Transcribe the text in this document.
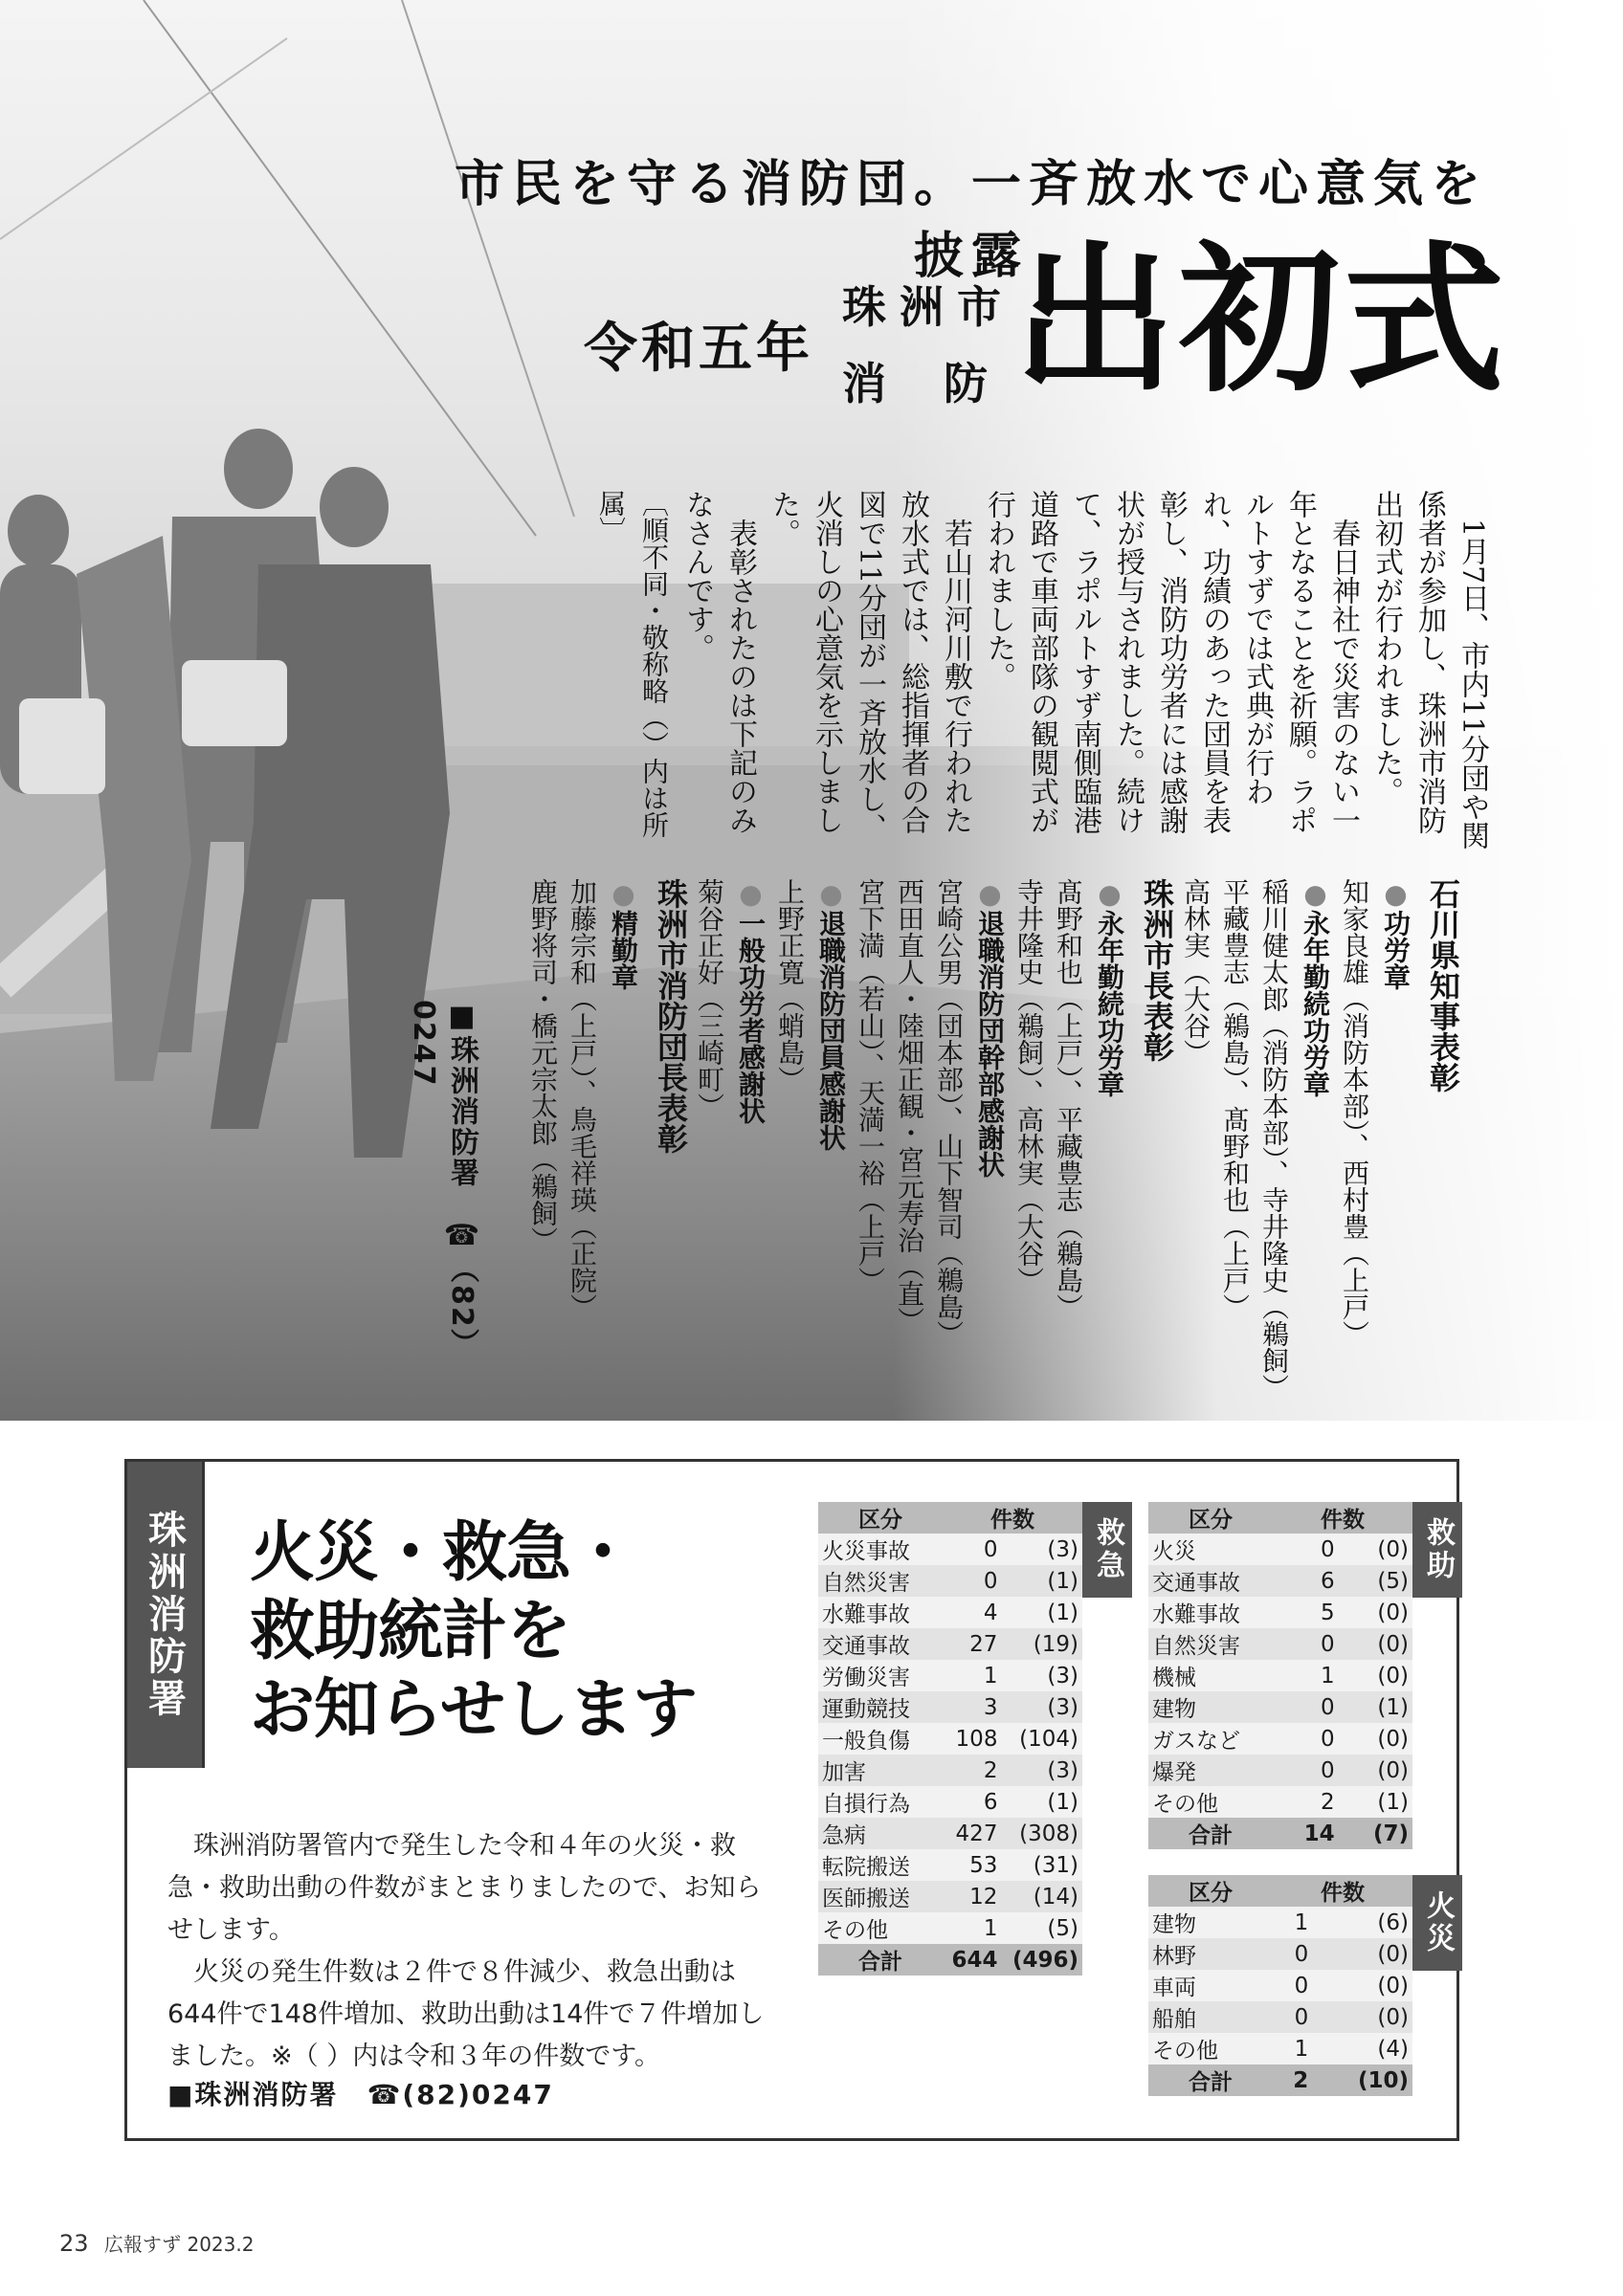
市民を守る消防団。一斉放水で心意気を披露
令和五年
珠洲市
消防
出初式

1月7日、市内11分団や関係者が参加し、珠洲市消防出初式が行われました。

春日神社で災害のない一年となることを祈願。ラポルトすずでは式典が行われ、功績のあった団員を表彰し、消防功労者には感謝状が授与されました。続けて、ラポルトすず南側臨港道路で車両部隊の観閲式が行われました。

若山川河川敷で行われた放水式では、総指揮者の合図で11分団が一斉放水し、火消しの心意気を示しました。

表彰されたのは下記のみなさんです。

〔順不同・敬称略（）内は所属〕
石川県知事表彰
● 功労章
知家良雄（消防本部）、西村豊（上戸）
● 永年勤続功労章
稲川健太郎（消防本部）、寺井隆史（鵜飼）
平藏豊志（鵜島）、髙野和也（上戸）
高林実（大谷）
珠洲市長表彰
● 永年勤続功労章
髙野和也（上戸）、平藏豊志（鵜島）
寺井隆史（鵜飼）、高林実（大谷）
● 退職消防団幹部感謝状
宮崎公男（団本部）、山下智司（鵜島）
西田直人・陸畑正観・宮元寿治（直）
宮下満（若山）、天満一裕（上戸）
● 退職消防団員感謝状
上野正寛（蛸島）
● 一般功労者感謝状
菊谷正好（三崎町）
珠洲市消防団長表彰
● 精勤章
加藤宗和（上戸）、鳥毛祥瑛（正院）
鹿野将司・橋元宗太郎（鵜飼）
■珠洲消防署　☎（82）0247
珠洲消防署 火災・救急・
救助統計を
お知らせします

珠洲消防署管内で発生した令和４年の火災・救急・救助出動の件数がまとまりましたので、お知らせします。

火災の発生件数は２件で８件減少、救急出動は644件で148件増加、救助出動は14件で７件増加しました。※（ ）内は令和３年の件数です。

■珠洲消防署　☎(82)0247
区分	件数	
火災事故	0	(3)
自然災害	0	(1)
水難事故	4	(1)
交通事故	27	(19)
労働災害	1	(3)
運動競技	3	(3)
一般負傷	108	(104)
加害	2	(3)
自損行為	6	(1)
急病	427	(308)
転院搬送	53	(31)
医師搬送	12	(14)
その他	1	(5)
合計	644	(496)
救急	区分	件数	
火災	0	(0)
交通事故	6	(5)
水難事故	5	(0)
自然災害	0	(0)
機械	1	(0)
建物	0	(1)
ガスなど	0	(0)
爆発	0	(0)
その他	2	(1)
合計	14	(7)
救助
区分	件数	
建物	1	(6)
林野	0	(0)
車両	0	(0)
船舶	0	(0)
その他	1	(4)
合計	2	(10)
火災
23 広報すず 2023.2
